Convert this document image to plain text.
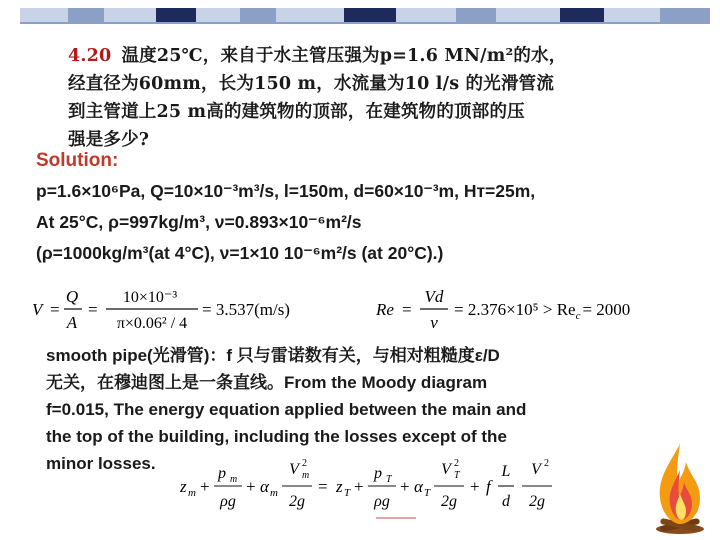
4.20 温度25℃，来自于水主管压强为p=1.6 MN/m²的水，
经直径为60mm，长为150 m，水流量为10 l/s 的光滑管流
到主管道上25 m高的建筑物的顶部，在建筑物的顶部的压
强是多少?
Solution:
p=1.6×10⁶Pa, Q=10×10⁻³m³/s, l=150m, d=60×10⁻³m, Hᴛ=25m,
At 25°C, ρ=997kg/m³, ν=0.893×10⁻⁶m²/s
(ρ=1000kg/m³(at 4°C), ν=1×10 10⁻⁶m²/s (at 20°C).)
V =
Q
A
=
10×10⁻³
π×0.06² / 4
= 3.537(m/s)	Re =
Vd
ν
= $2.376\times 10^5 > Re_c = 2000$
smooth pipe(光滑管)：f 只与雷诺数有关，与相对粗糙度ε/D
无关，在穆迪图上是一条直线。From the Moody diagram
f=0.015, The energy equation applied between the main and
the top of the building, including the losses except of the
minor losses.
z m +
p m
ρg
+ α m
V 2
m
2g
= z T +
p T
ρg
+ α T
V 2
T
2g
+ f
L
d
V 2
2g
